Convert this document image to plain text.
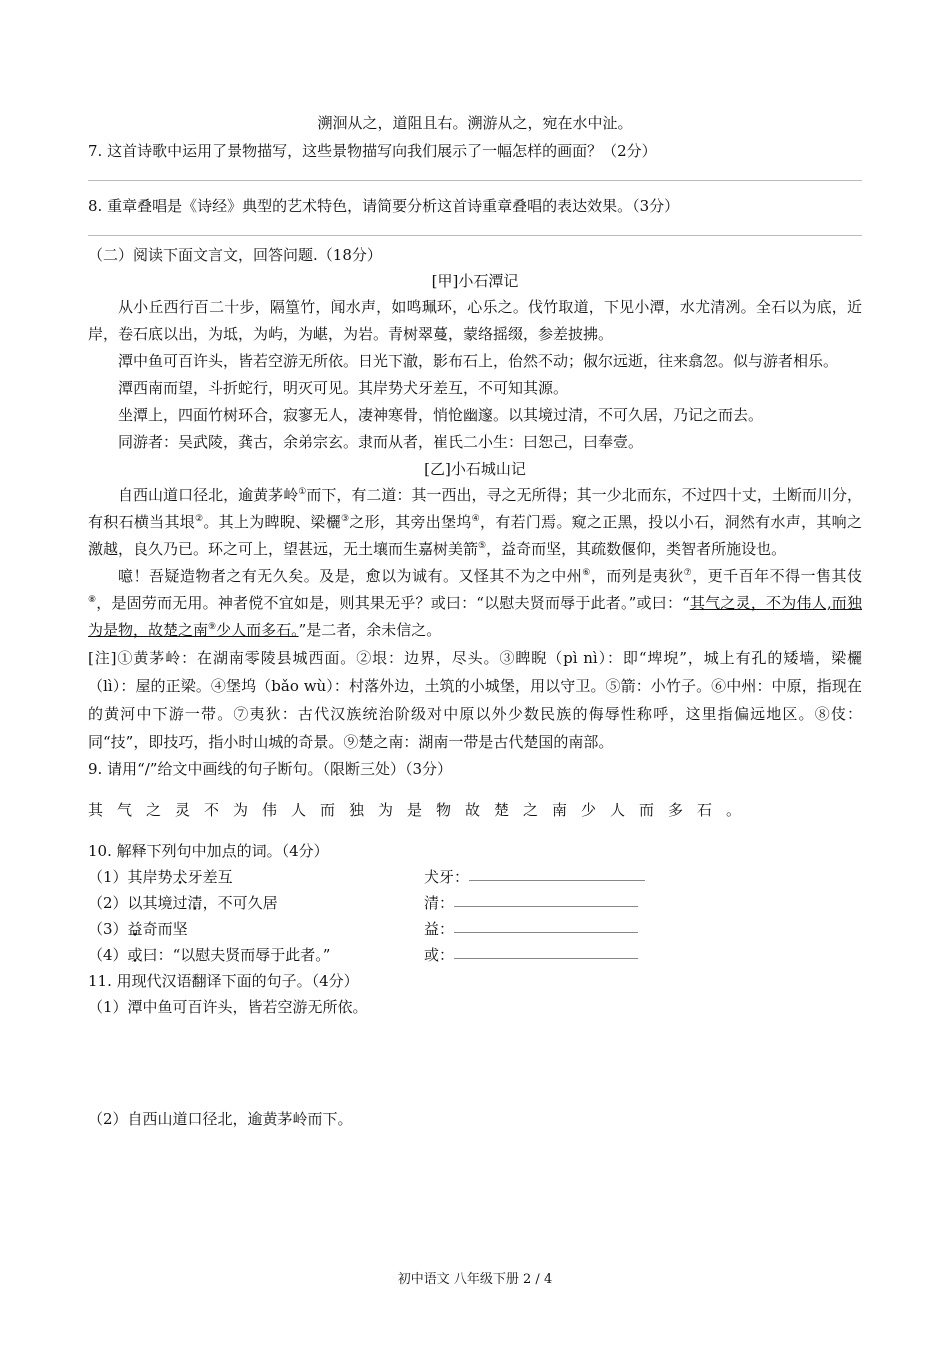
溯洄从之，道阻且右。溯游从之，宛在水中沚。

7. 这首诗歌中运用了景物描写，这些景物描写向我们展示了一幅怎样的画面？（2分）

8. 重章叠唱是《诗经》典型的艺术特色，请简要分析这首诗重章叠唱的表达效果。（3分）

（二）阅读下面文言文，回答问题.（18分）

[甲]小石潭记

从小丘西行百二十步，隔篁竹，闻水声，如鸣珮环，心乐之。伐竹取道，下见小潭，水尤清冽。全石以为底，近岸，卷石底以出，为坻，为屿，为嵁，为岩。青树翠蔓，蒙络摇缀，参差披拂。

潭中鱼可百许头，皆若空游无所依。日光下澈，影布石上，佁然不动；俶尔远逝，往来翕忽。似与游者相乐。

潭西南而望，斗折蛇行，明灭可见。其岸势犬牙差互，不可知其源。

坐潭上，四面竹树环合，寂寥无人，凄神寒骨，悄怆幽邃。以其境过清，不可久居，乃记之而去。

同游者：吴武陵，龚古，余弟宗玄。隶而从者，崔氏二小生：曰恕己，曰奉壹。

[乙]小石城山记

自西山道口径北，逾黄茅岭①而下，有二道：其一西出，寻之无所得；其一少北而东，不过四十丈，土断而川分，有积石横当其垠②。其上为睥睨、梁欐③之形，其旁出堡坞④，有若门焉。窥之正黑，投以小石，洞然有水声，其响之激越，良久乃已。环之可上，望甚远，无土壤而生嘉树美箭⑤，益奇而坚，其疏数偃仰，类智者所施设也。

噫！吾疑造物者之有无久矣。及是，愈以为诚有。又怪其不为之中州⑥，而列是夷狄⑦，更千百年不得一售其伎⑧，是固劳而无用。神者傥不宜如是，则其果无乎？或曰：“以慰夫贤而辱于此者。”或曰：“其气之灵，不为伟人,而独为是物，故楚之南⑨少人而多石。”是二者，余未信之。

[注]①黄茅岭：在湖南零陵县城西面。②垠：边界，尽头。③睥睨（pì nì）：即“埤堄”，城上有孔的矮墙，梁欐（lì）：屋的正梁。④堡坞（bǎo wù）：村落外边，土筑的小城堡，用以守卫。⑤箭：小竹子。⑥中州：中原，指现在的黄河中下游一带。⑦夷狄：古代汉族统治阶级对中原以外少数民族的侮辱性称呼，这里指偏远地区。⑧伎：同“技”，即技巧，指小时山城的奇景。⑨楚之南：湖南一带是古代楚国的南部。

9. 请用“/”给文中画线的句子断句。（限断三处）（3分）

其气之灵不为伟人而独为是物故楚之南少人而多石。

10. 解释下列句中加点的词。（4分）

（1）其岸势犬牙差互	犬牙：
（2）以其境过清，不可久居	清：
（3）益奇而坚	益：
（4）或曰：“以慰夫贤而辱于此者。”	或：

11. 用现代汉语翻译下面的句子。（4分）

（1）潭中鱼可百许头，皆若空游无所依。

（2）自西山道口径北，逾黄茅岭而下。

初中语文 八年级下册 2 / 4
